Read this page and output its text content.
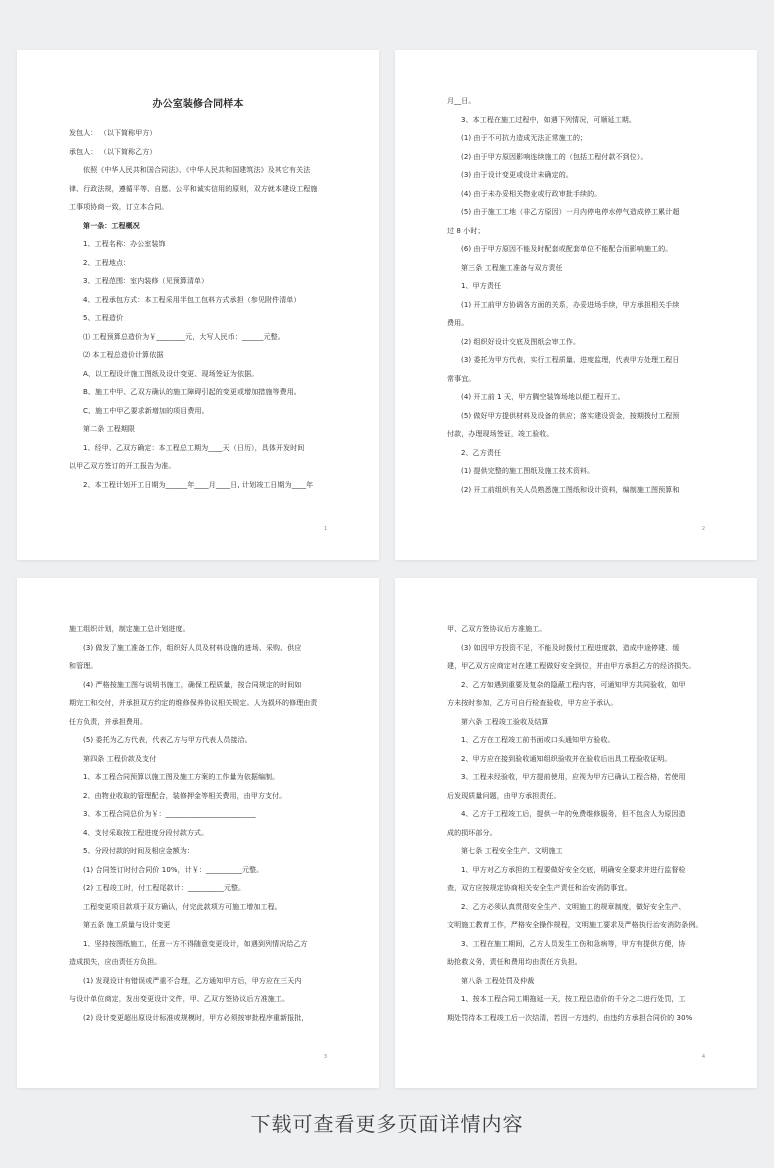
办公室装修合同样本
发包人： （以下简称甲方）
承包人： （以下简称乙方）
依照《中华人民共和国合同法》、《中华人民共和国建筑法》及其它有关法
律、行政法规，遵循平等、自愿、公平和诚实信用的原则，双方就本建设工程施
工事项协商一致，订立本合同。
第一条：工程概况
1、工程名称：办公室装饰
2、工程地点：
3、工程范围：室内装修（见预算清单）
4、工程承包方式：本工程采用半包工包料方式承担（参见附件清单）
5、工程造价
⑴ 工程预算总造价为￥________元，大写人民币：______元整。
⑵ 本工程总造价计算依据
A、以工程设计施工图纸及设计变更、现场签证为依据。
B、施工中甲、乙双方确认的施工障碍引起的变更或增加措施等费用。
C、施工中甲乙要求新增加的项目费用。
第二条 工程期限
1、经甲、乙双方确定：本工程总工期为____天（日历），具体开发时间
以甲乙双方签订的开工报告为准。
2、本工程计划开工日期为______年____月____日, 计划竣工日期为____年
1
月__日。
3、本工程在施工过程中，如遇下列情况，可顺延工期。
(1) 由于不可抗力造成无法正常施工的；
(2) 由于甲方原因影响连续施工的（包括工程付款不到位）。
(3) 由于设计变更或设计未确定的。
(4) 由于未办妥相关物业或行政审批手续的。
(5) 由于施工工地（非乙方原因）一月内停电停水停气造成停工累计超
过 8 小时；
(6) 由于甲方原因不能及时配套或配套单位不能配合而影响施工的。
第三条 工程施工准备与双方责任
1、甲方责任
(1) 开工前甲方协调各方面的关系，办妥进场手续，甲方承担相关手续
费用。
(2) 组织好设计交底及图纸会审工作。
(3) 委托为甲方代表，实行工程质量、进度监理，代表甲方处理工程日
常事宜。
(4) 开工前 1 天，甲方腾空装饰场地以便工程开工。
(5) 做好甲方提供材料及设备的供应；落实建设资金，按期拨付工程预
付款，办理现场签证，竣工验收。
2、乙方责任
(1) 提供完整的施工图纸及施工技术资料。
(2) 开工前组织有关人员熟悉施工图纸和设计资料，编制施工图预算和
2
施工组织计划，制定施工总计划进度。
(3) 做发了施工准备工作，组织好人员及材料设施的进场、采购、供应
和管理。
(4) 严格按施工图与说明书施工，确保工程质量，按合同规定的时间如
期完工和交付，并承担双方约定的维修保养协议相关规定。人为损坏的修理由责
任方负责，并承担费用。
(5) 委托为乙方代表，代表乙方与甲方代表人员接洽。
第四条 工程价款及支付
1、本工程合同预算以施工图及施工方案的工作量为依据编制。
2、由物业收取的管理配合，装修押金等相关费用，由甲方支付。
3、本工程合同总价为￥：_________________________
4、支付采取按工程进度分段付款方式。
5、分段付款的时间及相应金额为：
(1) 合同签订时付合同价 10%，计￥：__________元整。
(2) 工程竣工时，付工程尾款计：__________元整。
工程变更项目款项于双方确认，付完此款项方可施工增加工程。
第五条 施工质量与设计变更
1、坚持按图纸施工，任意一方不得随意变更设计，如遇到列情况给乙方
造成损失，应由责任方负担。
(1) 发现设计有错误或严重不合理，乙方通知甲方后，甲方应在三天内
与设计单位商定，发出变更设计文件，甲、乙双方签协议后方准施工。
(2) 设计变更超出原设计标准或规模时，甲方必须按审批程序重新报批，
3
甲、乙双方签协议后方准施工。
(3) 如因甲方投资不足，不能及时拨付工程进度款，造成中途停建、缓
建，甲乙双方应商定对在建工程做好安全到位，并由甲方承担乙方的经济损失。
2、乙方如遇到重要及复杂的隐蔽工程内容，可通知甲方共同验收，如甲
方未按时参加，乙方可自行检查验收，甲方应予承认。
第六条 工程竣工验收及结算
1、乙方在工程竣工前书面或口头通知甲方验收。
2、甲方应在接到验收通知组织验收并在验收后出具工程验收证明。
3、工程未经验收，甲方提前使用，应视为甲方已确认工程合格，若使用
后发现质量问题，由甲方承担责任。
4、乙方于工程竣工后，提供一年的免费维修服务，但不包含人为原因造
成的损坏部分。
第七条 工程安全生产、文明施工
1、甲方对乙方承担的工程要做好安全交底，明确安全要求并进行监督检
查，双方应按规定协商相关安全生产责任和治安消防事宜。
2、乙方必须认真贯彻安全生产、文明施工的规章制度，做好安全生产、
文明施工教育工作，严格安全操作规程，文明施工要求及严格执行治安消防条例。
3、工程在施工期间，乙方人员发生工伤和急病等，甲方有提供方便，协
助抢救义务，责任和费用均由责任方负担。
第八条 工程处罚及仲裁
1、按本工程合同工期拖延一天，按工程总造价的千分之二进行处罚，工
期处罚待本工程竣工后一次结清，若因一方违约，由违约方承担合同价的 30%
4
下载可查看更多页面详情内容
